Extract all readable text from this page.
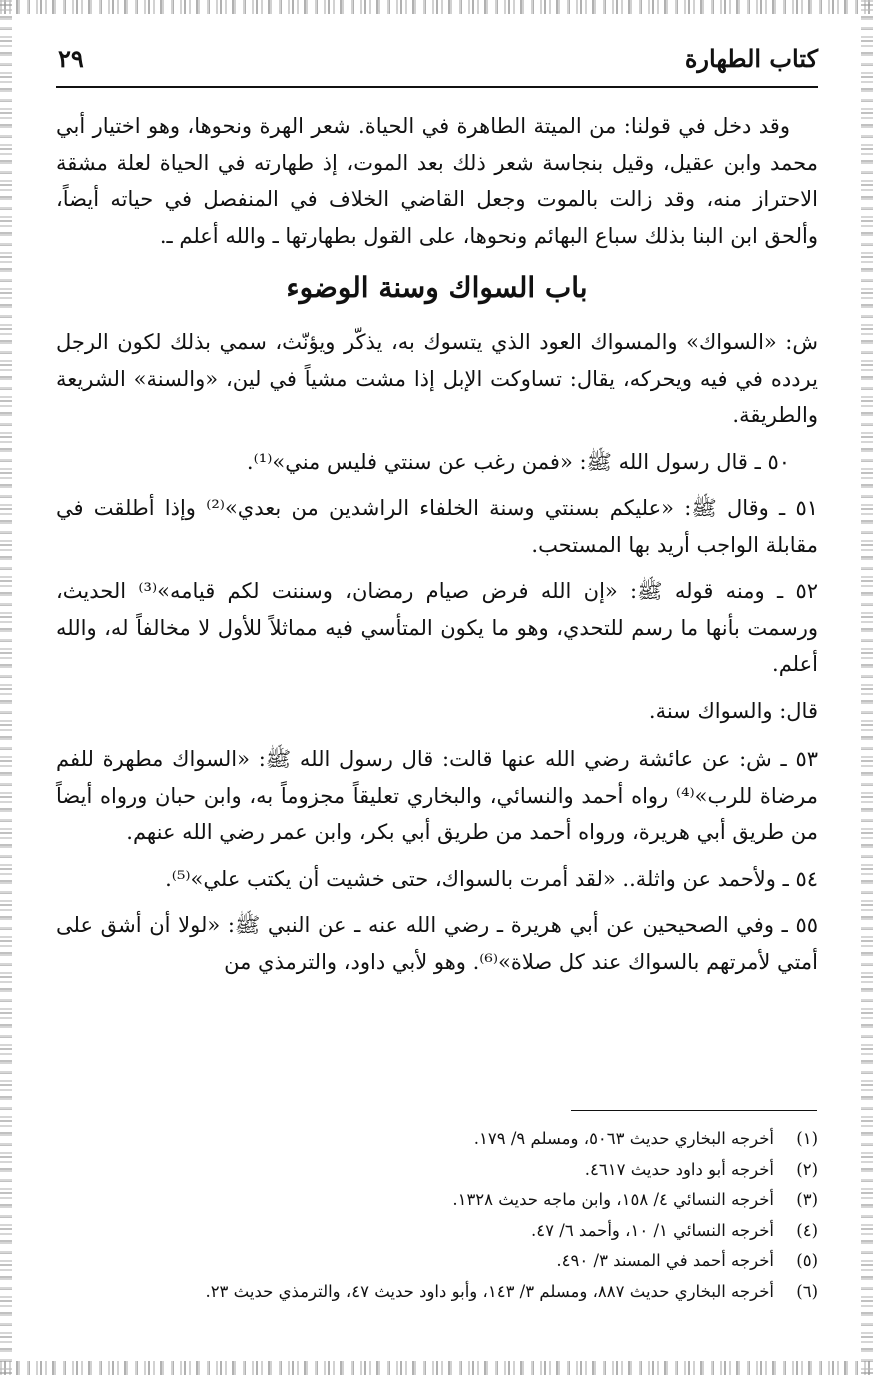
كتاب الطهارة
٢٩

وقد دخل في قولنا: من الميتة الطاهرة في الحياة. شعر الهرة ونحوها، وهو اختيار أبي محمد وابن عقيل، وقيل بنجاسة شعر ذلك بعد الموت، إذ طهارته في الحياة لعلة مشقة الاحتراز منه، وقد زالت بالموت وجعل القاضي الخلاف في المنفصل في حياته أيضاً، وألحق ابن البنا بذلك سباع البهائم ونحوها، على القول بطهارتها ـ والله أعلم ـ.

باب السواك وسنة الوضوء

ش: «السواك» والمسواك العود الذي يتسوك به، يذكّر ويؤنّث، سمي بذلك لكون الرجل يردده في فيه ويحركه، يقال: تساوكت الإبل إذا مشت مشياً في لين، «والسنة» الشريعة والطريقة.

٥٠ ـ قال رسول الله ﷺ: «فمن رغب عن سنتي فليس مني»⁽¹⁾.

٥١ ـ وقال ﷺ: «عليكم بسنتي وسنة الخلفاء الراشدين من بعدي»⁽²⁾ وإذا أطلقت في مقابلة الواجب أريد بها المستحب.

٥٢ ـ ومنه قوله ﷺ: «إن الله فرض صيام رمضان، وسننت لكم قيامه»⁽³⁾ الحديث، ورسمت بأنها ما رسم للتحدي، وهو ما يكون المتأسي فيه مماثلاً للأول لا مخالفاً له، والله أعلم.

قال: والسواك سنة.

٥٣ ـ ش: عن عائشة رضي الله عنها قالت: قال رسول الله ﷺ: «السواك مطهرة للفم مرضاة للرب»⁽⁴⁾ رواه أحمد والنسائي، والبخاري تعليقاً مجزوماً به، وابن حبان ورواه أيضاً من طريق أبي هريرة، ورواه أحمد من طريق أبي بكر، وابن عمر رضي الله عنهم.

٥٤ ـ ولأحمد عن واثلة.. «لقد أمرت بالسواك، حتى خشيت أن يكتب علي»⁽⁵⁾.

٥٥ ـ وفي الصحيحين عن أبي هريرة ـ رضي الله عنه ـ عن النبي ﷺ: «لولا أن أشق على أمتي لأمرتهم بالسواك عند كل صلاة»⁽⁶⁾. وهو لأبي داود، والترمذي من

(١)
أخرجه البخاري حديث ٥٠٦٣، ومسلم ٩/ ١٧٩.
(٢)
أخرجه أبو داود حديث ٤٦١٧.
(٣)
أخرجه النسائي ٤/ ١٥٨، وابن ماجه حديث ١٣٢٨.
(٤)
أخرجه النسائي ١/ ١٠، وأحمد ٦/ ٤٧.
(٥)
أخرجه أحمد في المسند ٣/ ٤٩٠.
(٦)
أخرجه البخاري حديث ٨٨٧، ومسلم ٣/ ١٤٣، وأبو داود حديث ٤٧، والترمذي حديث ٢٣.
